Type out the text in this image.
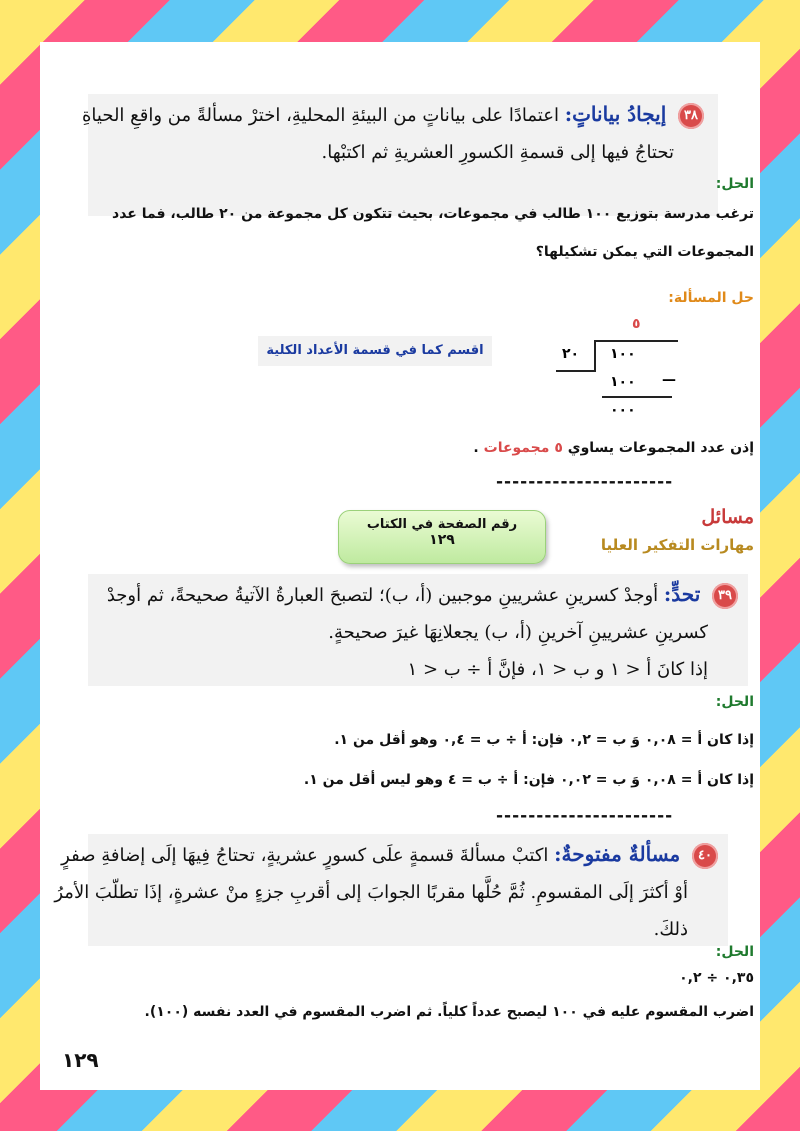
٣٨ إيجادُ بياناتٍ: اعتمادًا على بياناتٍ من البيئةِ المحليةِ، اخترْ مسألةً من واقعِ الحياةِ
تحتاجُ فيها إلى قسمةِ الكسورِ العشريةِ ثم اكتبْها.
الحل:
ترغب مدرسة بتوزيع ١٠٠ طالب في مجموعات، بحيث تتكون كل مجموعة من ٢٠ طالب، فما عدد
المجموعات التي يمكن تشكيلها؟
حل المسألة:
اقسم كما في قسمة الأعداد الكلية
٥
٢٠ ١٠٠
١٠٠ —
٠٠٠
إذن عدد المجموعات يساوي ٥ مجموعات .
----------------------
مسائل
مهارات التفكير العليا
رقم الصفحة في الكتاب
١٢٩
٣٩ تحدٍّ: أوجدْ كسرينِ عشريينِ موجبين (أ، ب)؛ لتصبحَ العبارةُ الآتيةُ صحيحةً، ثم أوجدْ
كسرينِ عشريينِ آخرينِ (أ، ب) يجعلانِهَا غيرَ صحيحةٍ.
إذا كانَ أ < ١ و ب < ١، فإنَّ أ ÷ ب < ١
الحل:
إذا كان أ = ٠,٠٨ وَ ب = ٠,٢ فإن: أ ÷ ب = ٠,٤ وهو أقل من ١.
إذا كان أ = ٠,٠٨ وَ ب = ٠,٠٢ فإن: أ ÷ ب = ٤ وهو ليس أقل من ١.
----------------------
٤٠ مسألةٌ مفتوحةٌ: اكتبْ مسألةَ قسمةٍ علَى كسورٍ عشريةٍ، تحتاجُ فِيهَا إلَى إضافةِ صفرٍ
أوْ أكثرَ إلَى المقسومِ. ثُمَّ حُلَّها مقربًا الجوابَ إلى أقربِ جزءٍ منْ عشرةٍ، إذَا تطلّبَ الأمرُ
ذلكَ.
الحل:
٠,٣٥ ÷ ٠,٢
اضرب المقسوم عليه في ١٠٠ ليصبح عدداً كلياً. ثم اضرب المقسوم في العدد نفسه (١٠٠).
١٢٩
